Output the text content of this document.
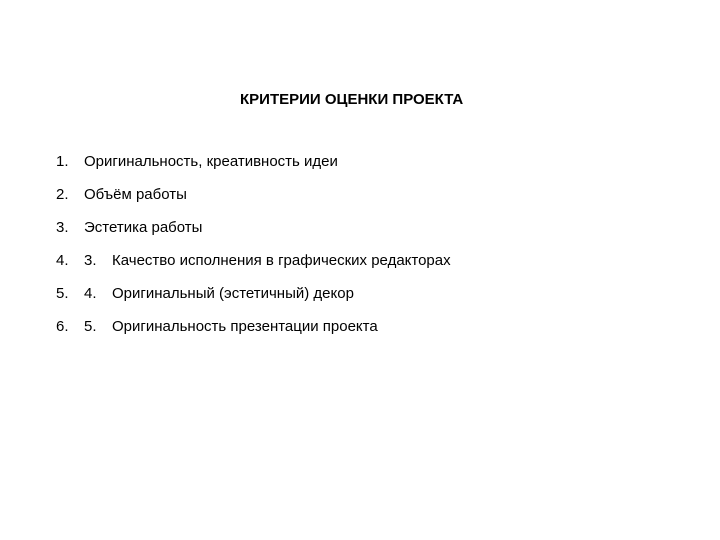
КРИТЕРИИ ОЦЕНКИ ПРОЕКТА
1.	Оригинальность, креативность идеи
2.	Объём работы
3.	Эстетика работы
4.	3.	Качество исполнения в графических редакторах
5.	4.	Оригинальный (эстетичный) декор
6.	5.	Оригинальность презентации проекта
